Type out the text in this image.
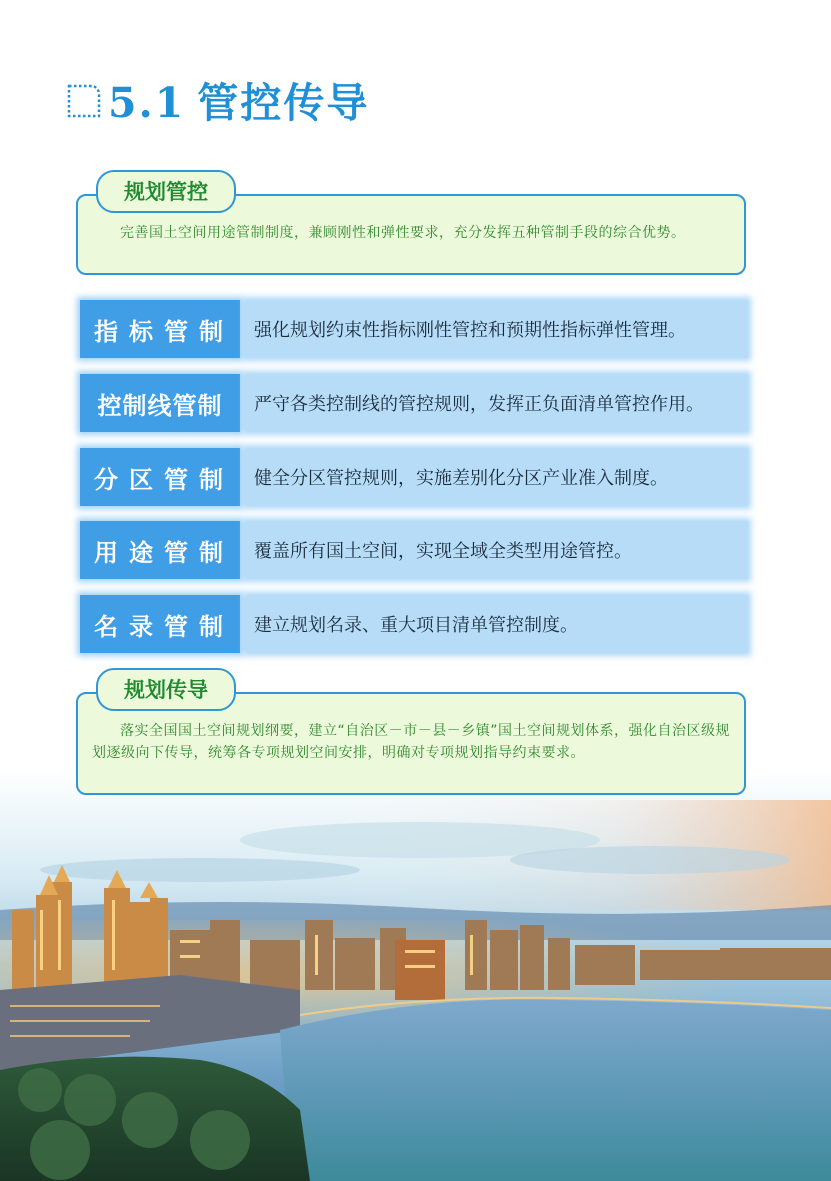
5.1 管控传导
规划管控

完善国土空间用途管制制度，兼顾刚性和弹性要求，充分发挥五种管制手段的综合优势。

指标管制	强化规划约束性指标刚性管控和预期性指标弹性管理。
控制线管制	严守各类控制线的管控规则，发挥正负面清单管控作用。
分区管制	健全分区管控规则，实施差别化分区产业准入制度。
用途管制	覆盖所有国土空间，实现全域全类型用途管控。
名录管制	建立规划名录、重大项目清单管控制度。
规划传导

落实全国国土空间规划纲要，建立“自治区－市－县－乡镇”国土空间规划体系，强化自治区级规划逐级向下传导，统筹各专项规划空间安排，明确对专项规划指导约束要求。
